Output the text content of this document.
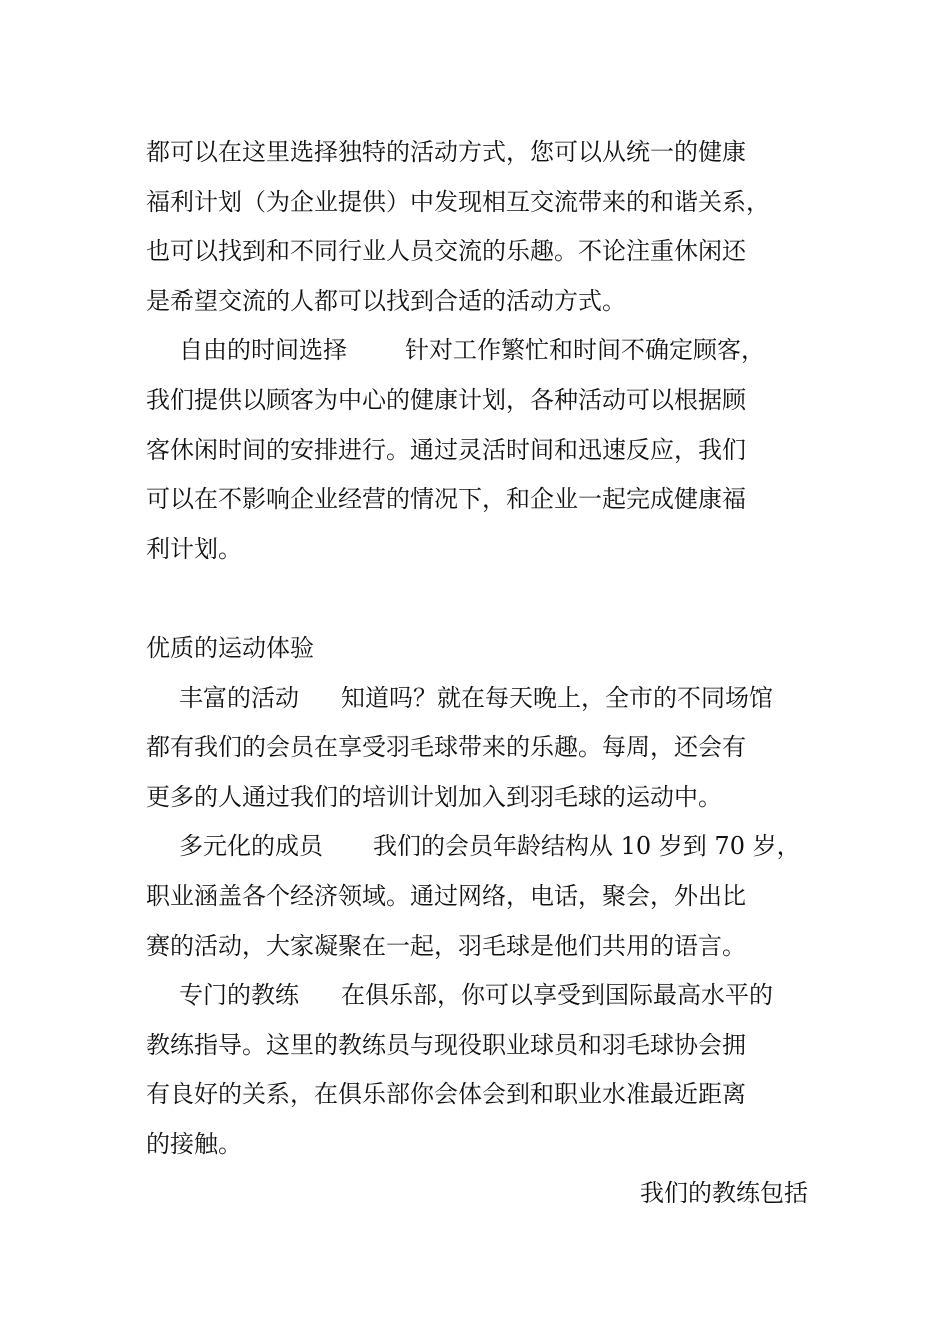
都可以在这里选择独特的活动方式，您可以从统一的健康
福利计划（为企业提供）中发现相互交流带来的和谐关系，
也可以找到和不同行业人员交流的乐趣。不论注重休闲还
是希望交流的人都可以找到合适的活动方式。
自由的时间选择 针对工作繁忙和时间不确定顾客，
我们提供以顾客为中心的健康计划，各种活动可以根据顾
客休闲时间的安排进行。通过灵活时间和迅速反应，我们
可以在不影响企业经营的情况下，和企业一起完成健康福
利计划。
优质的运动体验
丰富的活动 知道吗？就在每天晚上，全市的不同场馆
都有我们的会员在享受羽毛球带来的乐趣。每周，还会有
更多的人通过我们的培训计划加入到羽毛球的运动中。
多元化的成员 我们的会员年龄结构从 10 岁到 70 岁，
职业涵盖各个经济领域。通过网络，电话，聚会，外出比
赛的活动，大家凝聚在一起，羽毛球是他们共用的语言。
专门的教练 在俱乐部，你可以享受到国际最高水平的
教练指导。这里的教练员与现役职业球员和羽毛球协会拥
有良好的关系，在俱乐部你会体会到和职业水准最近距离
的接触。
我们的教练包括
